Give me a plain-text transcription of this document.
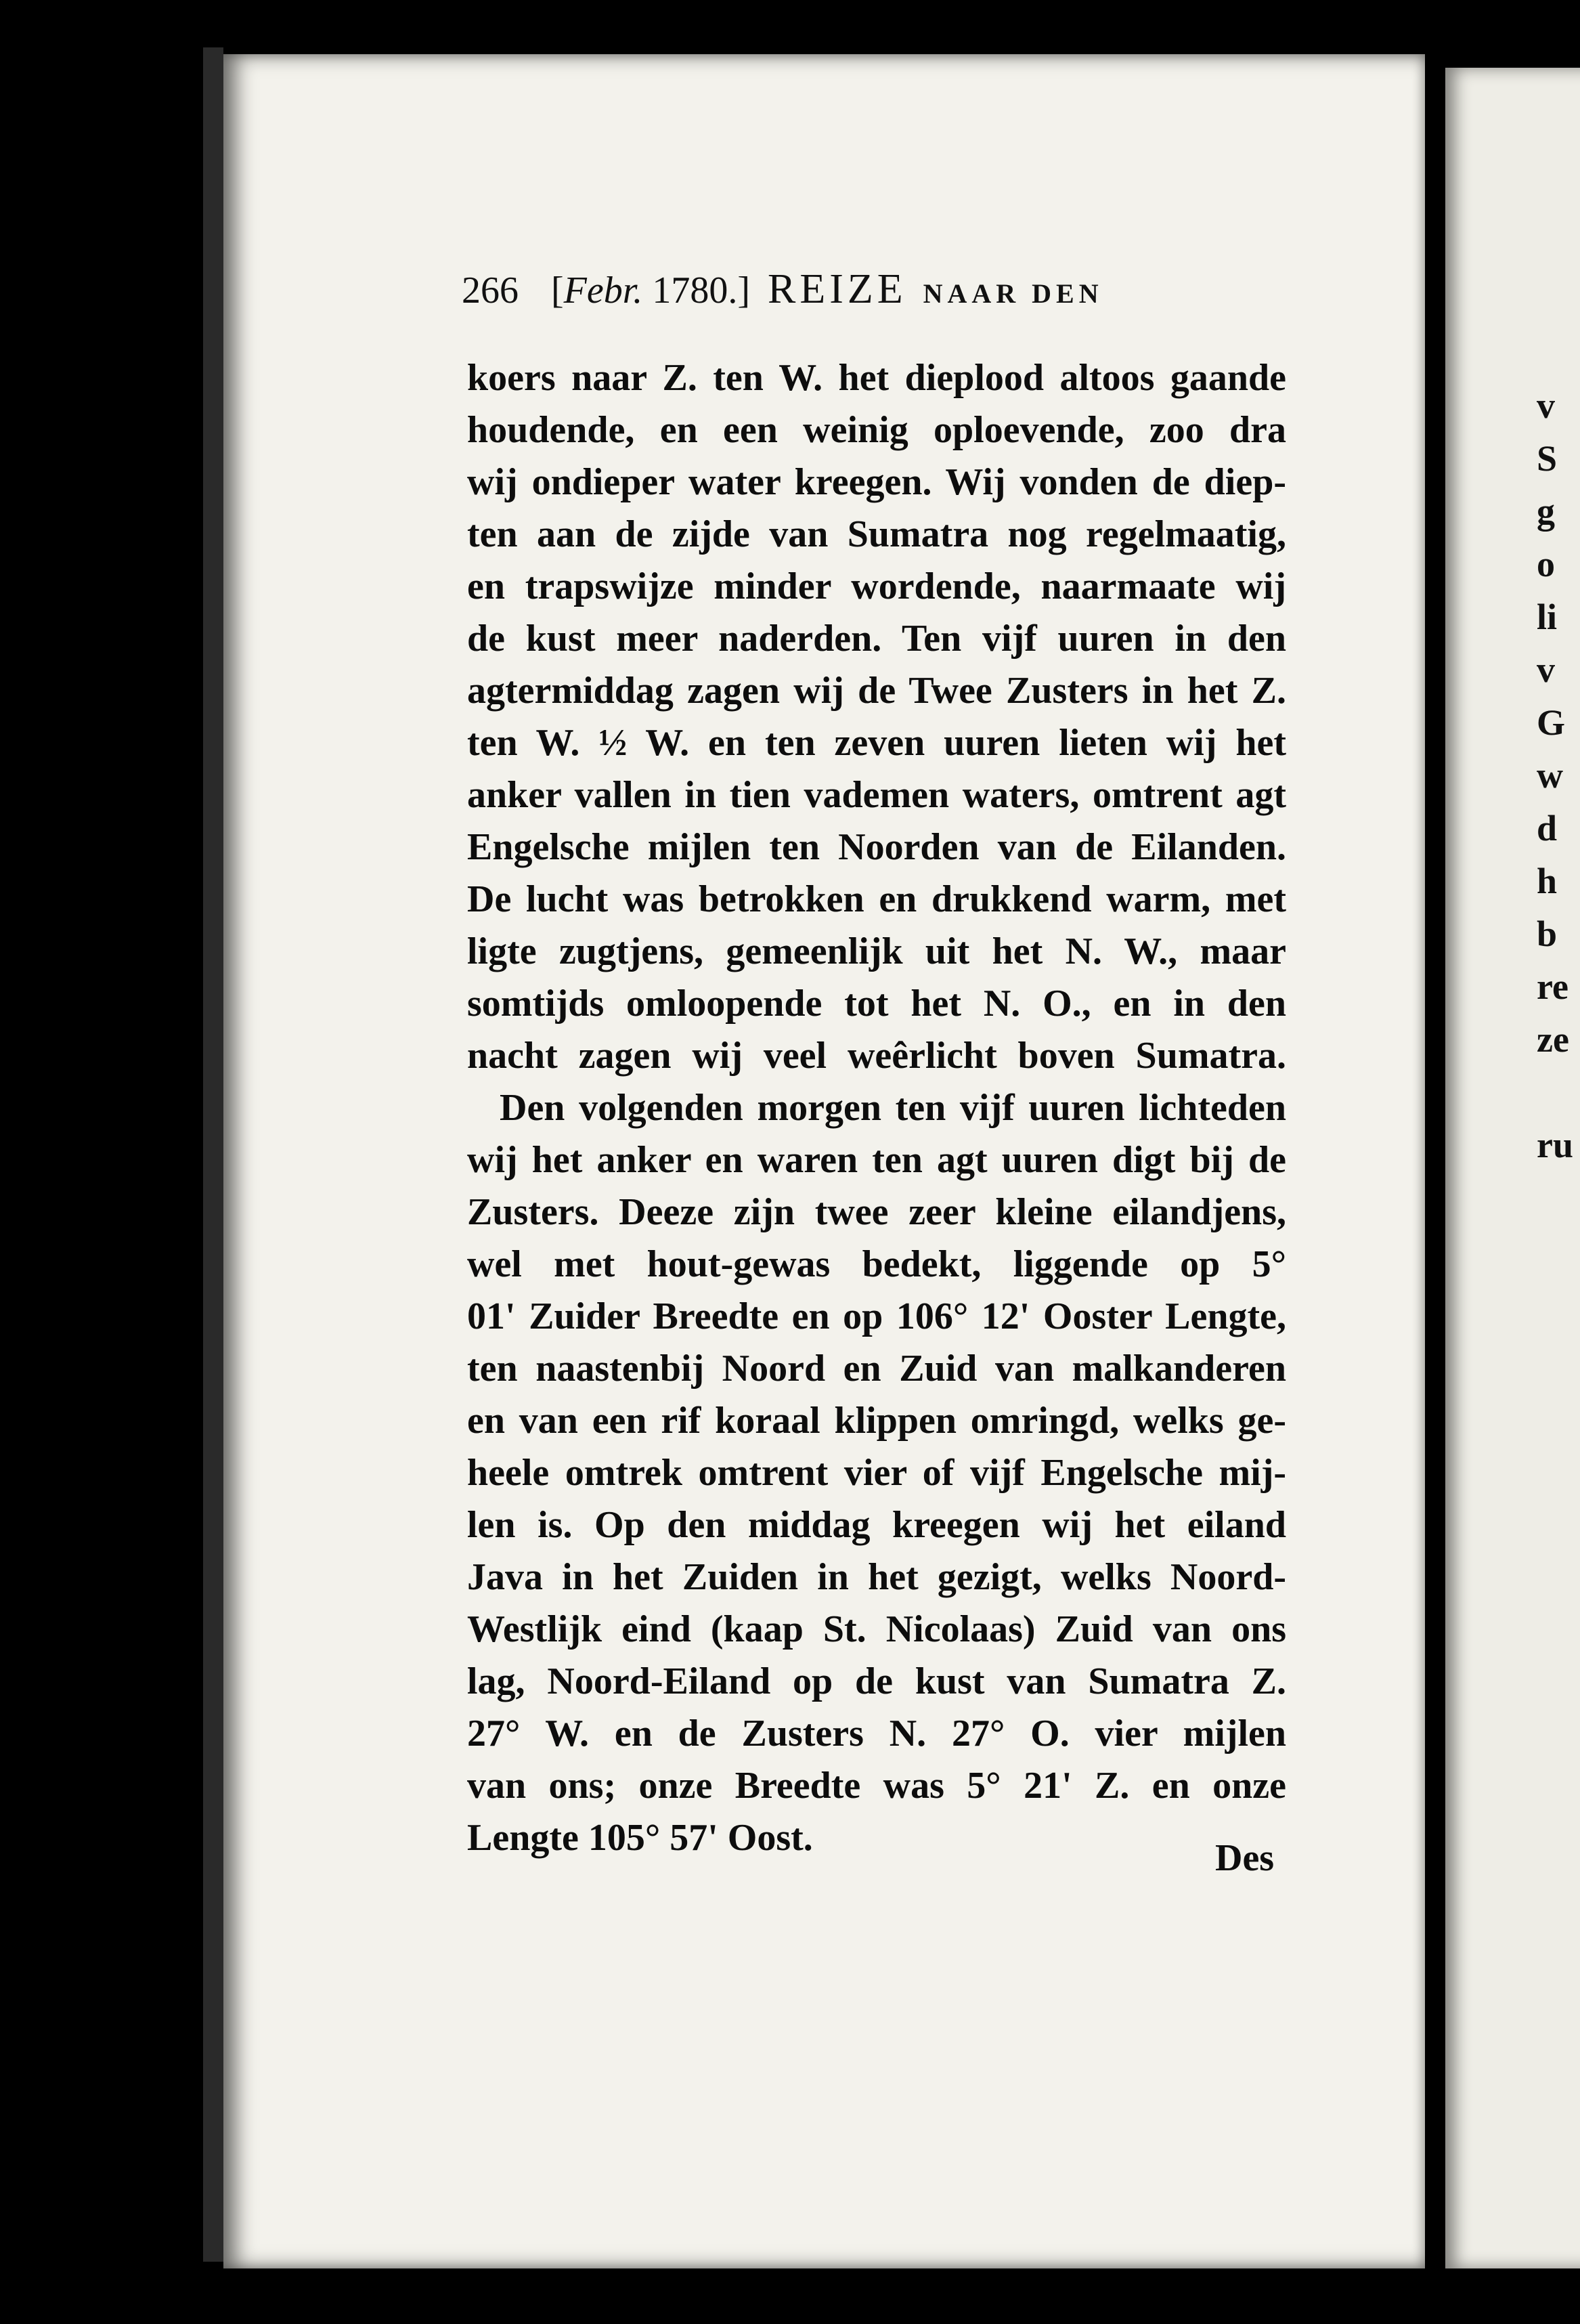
266 [Febr. 1780.] REIZE NAAR DEN
koers naar Z. ten W. het dieplood altoos gaande
houdende, en een weinig oploevende, zoo dra
wij ondieper water kreegen. Wij vonden de diep-
ten aan de zijde van Sumatra nog regelmaatig,
en trapswijze minder wordende, naarmaate wij
de kust meer naderden. Ten vijf uuren in den
agtermiddag zagen wij de Twee Zusters in het Z.
ten W. ½ W. en ten zeven uuren lieten wij het
anker vallen in tien vademen waters, omtrent agt
Engelsche mijlen ten Noorden van de Eilanden.
De lucht was betrokken en drukkend warm, met
ligte zugtjens, gemeenlijk uit het N. W., maar
somtijds omloopende tot het N. O., en in den
nacht zagen wij veel weêrlicht boven Sumatra.
Den volgenden morgen ten vijf uuren lichteden
wij het anker en waren ten agt uuren digt bij de
Zusters. Deeze zijn twee zeer kleine eilandjens,
wel met hout-gewas bedekt, liggende op 5°
01' Zuider Breedte en op 106° 12' Ooster Lengte,
ten naastenbij Noord en Zuid van malkanderen
en van een rif koraal klippen omringd, welks ge-
heele omtrek omtrent vier of vijf Engelsche mij-
len is. Op den middag kreegen wij het eiland
Java in het Zuiden in het gezigt, welks Noord-
Westlijk eind (kaap St. Nicolaas) Zuid van ons
lag, Noord-Eiland op de kust van Sumatra Z.
27° W. en de Zusters N. 27° O. vier mijlen
van ons; onze Breedte was 5° 21' Z. en onze
Lengte 105° 57' Oost.	Des
v
S
g
o
li
v
G
w
d
h
b
re
ze

ru
